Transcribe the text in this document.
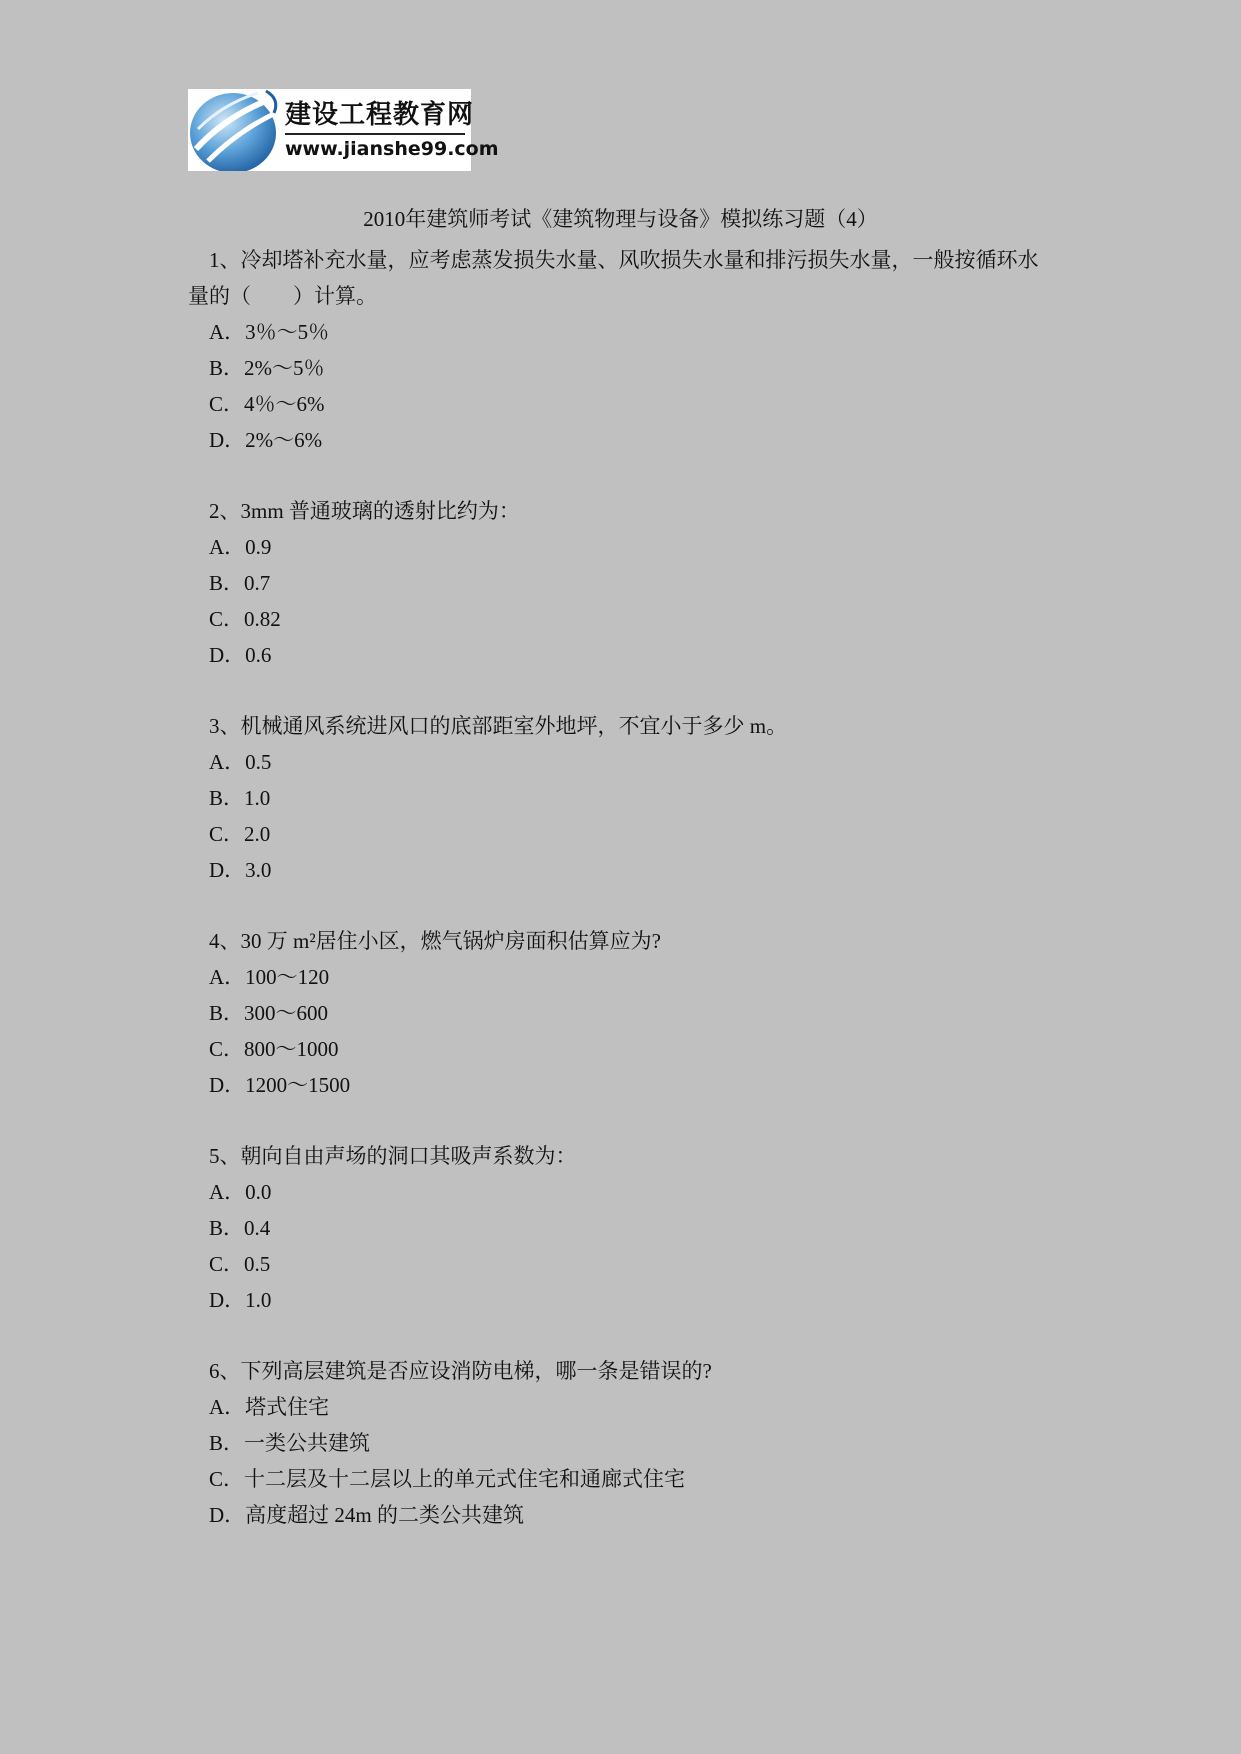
建设工程教育网
www.jianshe99.com
2010年建筑师考试《建筑物理与设备》模拟练习题（4）

1、冷却塔补充水量，应考虑蒸发损失水量、风吹损失水量和排污损失水量，一般按循环水量的（　　）计算。

A．3％～5％

B．2%～5％

C．4％～6%

D．2%～6%

2、3mm 普通玻璃的透射比约为：

A．0.9

B．0.7

C．0.82

D．0.6

3、机械通风系统进风口的底部距室外地坪，不宜小于多少 m。

A．0.5

B．1.0

C．2.0

D．3.0

4、30 万 m²居住小区，燃气锅炉房面积估算应为?

A．100～120

B．300～600

C．800～1000

D．1200～1500

5、朝向自由声场的洞口其吸声系数为：

A．0.0

B．0.4

C．0.5

D．1.0

6、下列高层建筑是否应设消防电梯，哪一条是错误的?

A．塔式住宅

B．一类公共建筑

C．十二层及十二层以上的单元式住宅和通廊式住宅

D．高度超过 24m 的二类公共建筑
